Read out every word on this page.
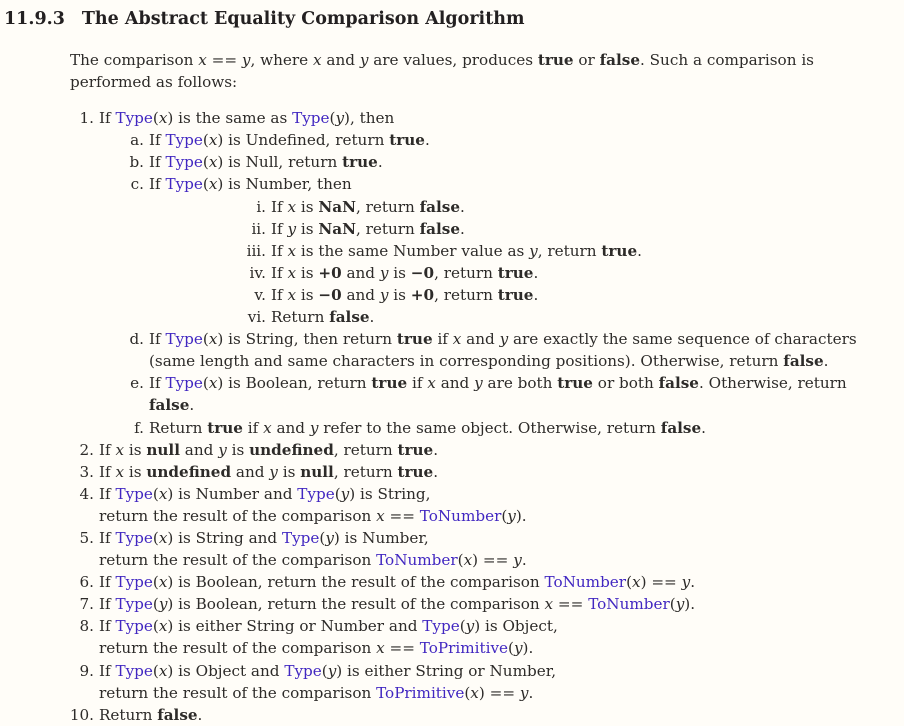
11.9.3 The Abstract Equality Comparison Algorithm

The comparison x == y, where x and y are values, produces true or false. Such a comparison is performed as follows:

1. If Type(x) is the same as Type(y), then
a. If Type(x) is Undefined, return true.
b. If Type(x) is Null, return true.
c. If Type(x) is Number, then
i. If x is NaN, return false.
ii. If y is NaN, return false.
iii. If x is the same Number value as y, return true.
iv. If x is +0 and y is −0, return true.
v. If x is −0 and y is +0, return true.
vi. Return false.
d. If Type(x) is String, then return true if x and y are exactly the same sequence of characters (same length and same characters in corresponding positions). Otherwise, return false.
e. If Type(x) is Boolean, return true if x and y are both true or both false. Otherwise, return false.
f. Return true if x and y refer to the same object. Otherwise, return false.
2. If x is null and y is undefined, return true.
3. If x is undefined and y is null, return true.
4. If Type(x) is Number and Type(y) is String,
return the result of the comparison x == ToNumber(y).
5. If Type(x) is String and Type(y) is Number,
return the result of the comparison ToNumber(x) == y.
6. If Type(x) is Boolean, return the result of the comparison ToNumber(x) == y.
7. If Type(y) is Boolean, return the result of the comparison x == ToNumber(y).
8. If Type(x) is either String or Number and Type(y) is Object,
return the result of the comparison x == ToPrimitive(y).
9. If Type(x) is Object and Type(y) is either String or Number,
return the result of the comparison ToPrimitive(x) == y.
10. Return false.
